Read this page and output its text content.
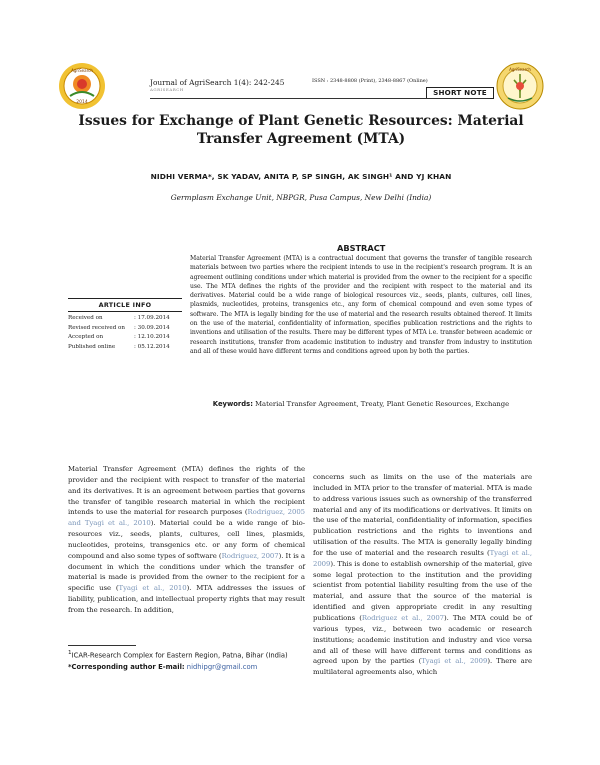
AgriSearch
2014
AgriSearch
Journal of AgriSearch 1(4): 242-245
AGRISEARCH
ISSN : 2348-8808 (Print), 2348-8867 (Online)
SHORT NOTE
Issues for Exchange of Plant Genetic Resources: Material Transfer Agreement (MTA)
NIDHI VERMA*, SK YADAV, ANITA P, SP SINGH, AK SINGH¹ AND YJ KHAN
Germplasm Exchange Unit, NBPGR, Pusa Campus, New Delhi (India)
ABSTRACT
Material Transfer Agreement (MTA) is a contractual document that governs the transfer of tangible research materials between two parties where the recipient intends to use in the recipient's research program. It is an agreement outlining conditions under which material is provided from the owner to the recipient for a specific use. The MTA defines the rights of the provider and the recipient with respect to the material and its derivatives. Material could be a wide range of biological resources viz., seeds, plants, cultures, cell lines, plasmids, nucleotides, proteins, transgenics etc., any form of chemical compound and even some types of software. The MTA is legally binding for the use of material and the research results obtained thereof. It limits on the use of the material, confidentiality of information, specifies publication restrictions and the rights to inventions and utilisation of the results. There may be different types of MTA i.e. transfer between academic or research institutions, transfer from academic institution to industry and transfer from industry to institution and all of these would have different terms and conditions agreed upon by both the parties.
Keywords: Material Transfer Agreement, Treaty, Plant Genetic Resources, Exchange
ARTICLE INFO
Received on	: 17.09.2014
Revised received on	: 30.09.2014
Accepted on	: 12.10.2014
Published online	: 05.12.2014
Material Transfer Agreement (MTA) defines the rights of the provider and the recipient with respect to transfer of the material and its derivatives. It is an agreement between parties that governs the transfer of tangible research material in which the recipient intends to use the material for research purposes (Rodriguez, 2005 and Tyagi et al., 2010). Material could be a wide range of bio-resources viz., seeds, plants, cultures, cell lines, plasmids, nucleotides, proteins, transgenics etc. or any form of chemical compound and also some types of software (Rodriguez, 2007). It is a document in which the conditions under which the transfer of material is made is provided from the owner to the recipient for a specific use (Tyagi et al., 2010). MTA addresses the issues of liability, publication, and intellectual property rights that may result from the research. In addition,
concerns such as limits on the use of the materials are included in MTA prior to the transfer of material. MTA is made to address various issues such as ownership of the transferred material and any of its modifications or derivatives. It limits on the use of the material, confidentiality of information, specifies publication restrictions and the rights to inventions and utilisation of the results. The MTA is generally legally binding for the use of material and the research results (Tyagi et al., 2009). This is done to establish ownership of the material, give some legal protection to the institution and the providing scientist from potential liability resulting from the use of the material, and assure that the source of the material is identified and given appropriate credit in any resulting publications (Rodriguez et al., 2007). The MTA could be of various types, viz., between two academic or research institutions; academic institution and industry and vice versa and all of these will have different terms and conditions as agreed upon by the parties (Tyagi et al., 2009). There are multilateral agreements also, which
$^1$ICAR-Research Complex for Eastern Region, Patna, Bihar (India)
*Corresponding author E-mail: nidhipgr@gmail.com
